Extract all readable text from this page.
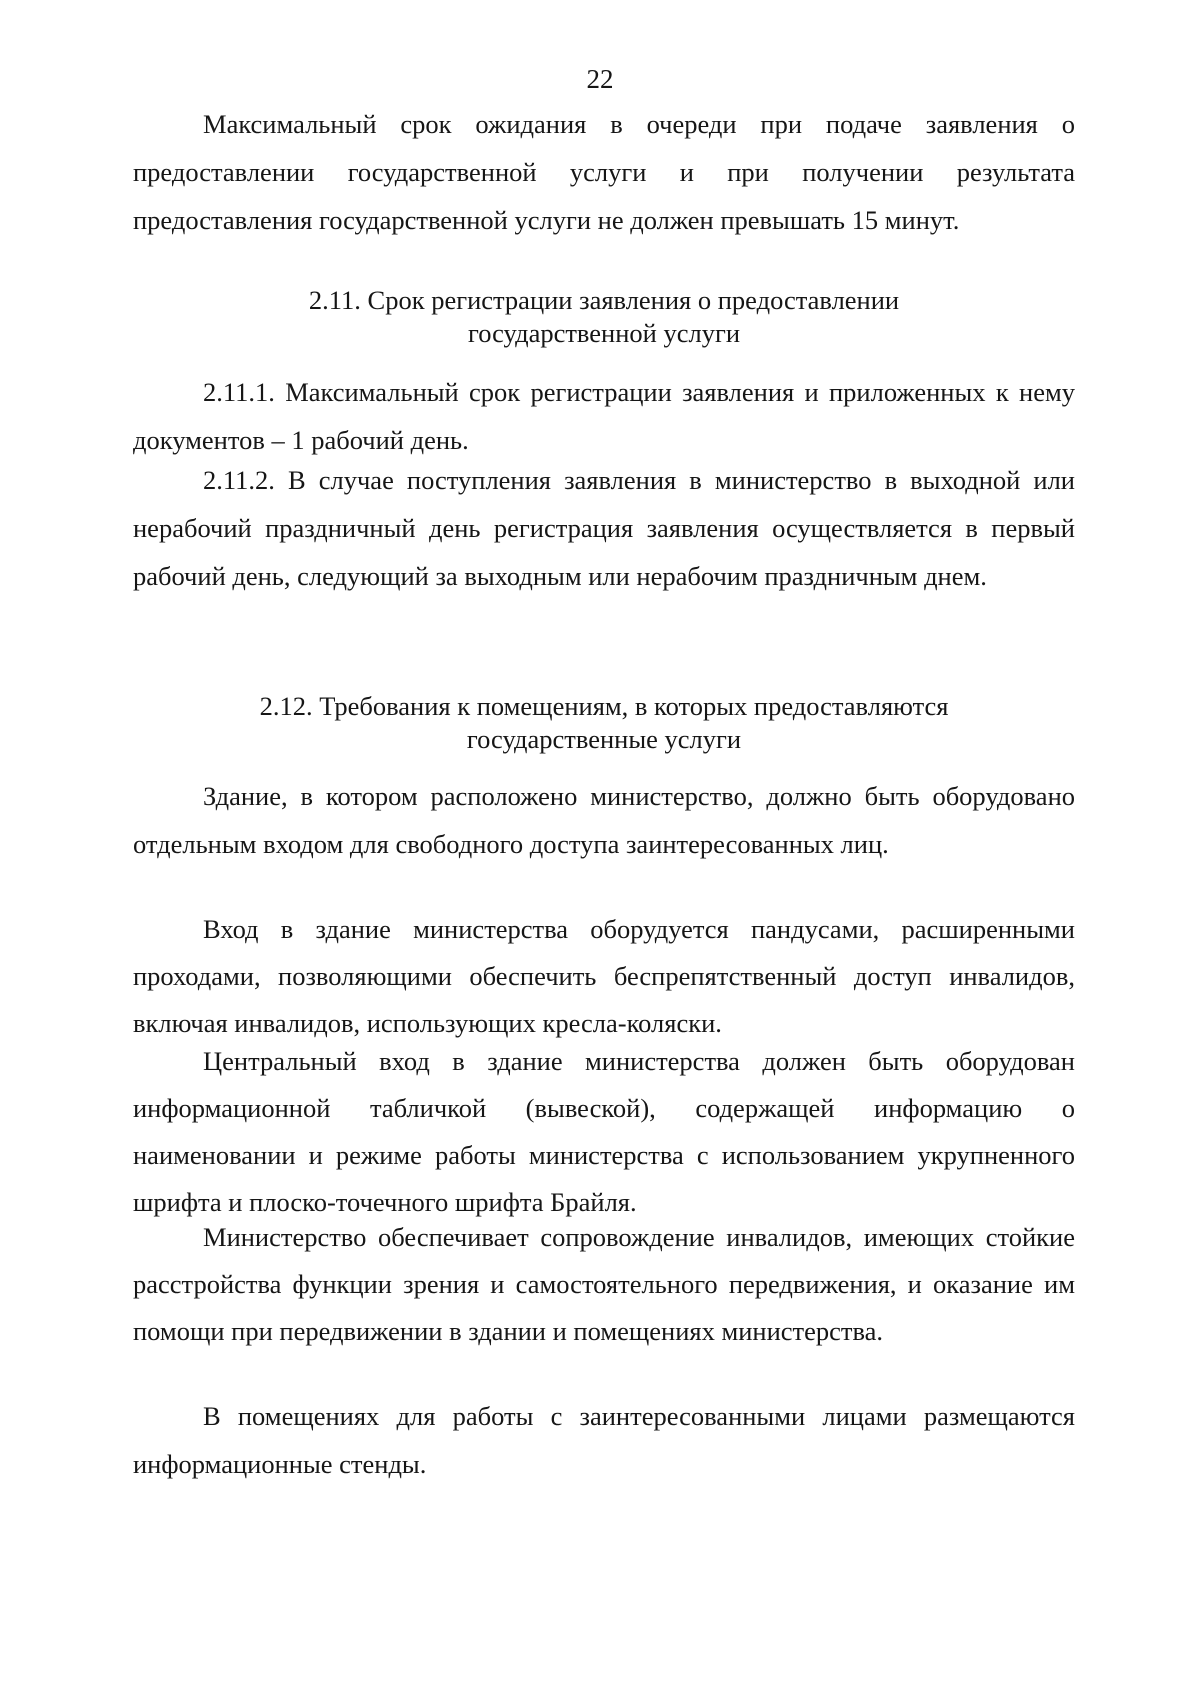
22

Максимальный срок ожидания в очереди при подаче заявления о предоставлении государственной услуги и при получении результата предоставления государственной услуги не должен превышать 15 минут.

2.11. Срок регистрации заявления о предоставлении
государственной услуги

2.11.1. Максимальный срок регистрации заявления и приложенных к нему документов – 1 рабочий день.

2.11.2. В случае поступления заявления в министерство в выходной или нерабочий праздничный день регистрация заявления осуществляется в первый рабочий день, следующий за выходным или нерабочим праздничным днем.

2.12. Требования к помещениям, в которых предоставляются
государственные услуги

Здание, в котором расположено министерство, должно быть оборудовано отдельным входом для свободного доступа заинтересованных лиц.

Вход в здание министерства оборудуется пандусами, расширенными проходами, позволяющими обеспечить беспрепятственный доступ инвалидов, включая инвалидов, использующих кресла-коляски.

Центральный вход в здание министерства должен быть оборудован информационной табличкой (вывеской), содержащей информацию о наименовании и режиме работы министерства с использованием укрупненного шрифта и плоско-точечного шрифта Брайля.

Министерство обеспечивает сопровождение инвалидов, имеющих стойкие расстройства функции зрения и самостоятельного передвижения, и оказание им помощи при передвижении в здании и помещениях министерства.

В помещениях для работы с заинтересованными лицами размещаются информационные стенды.
